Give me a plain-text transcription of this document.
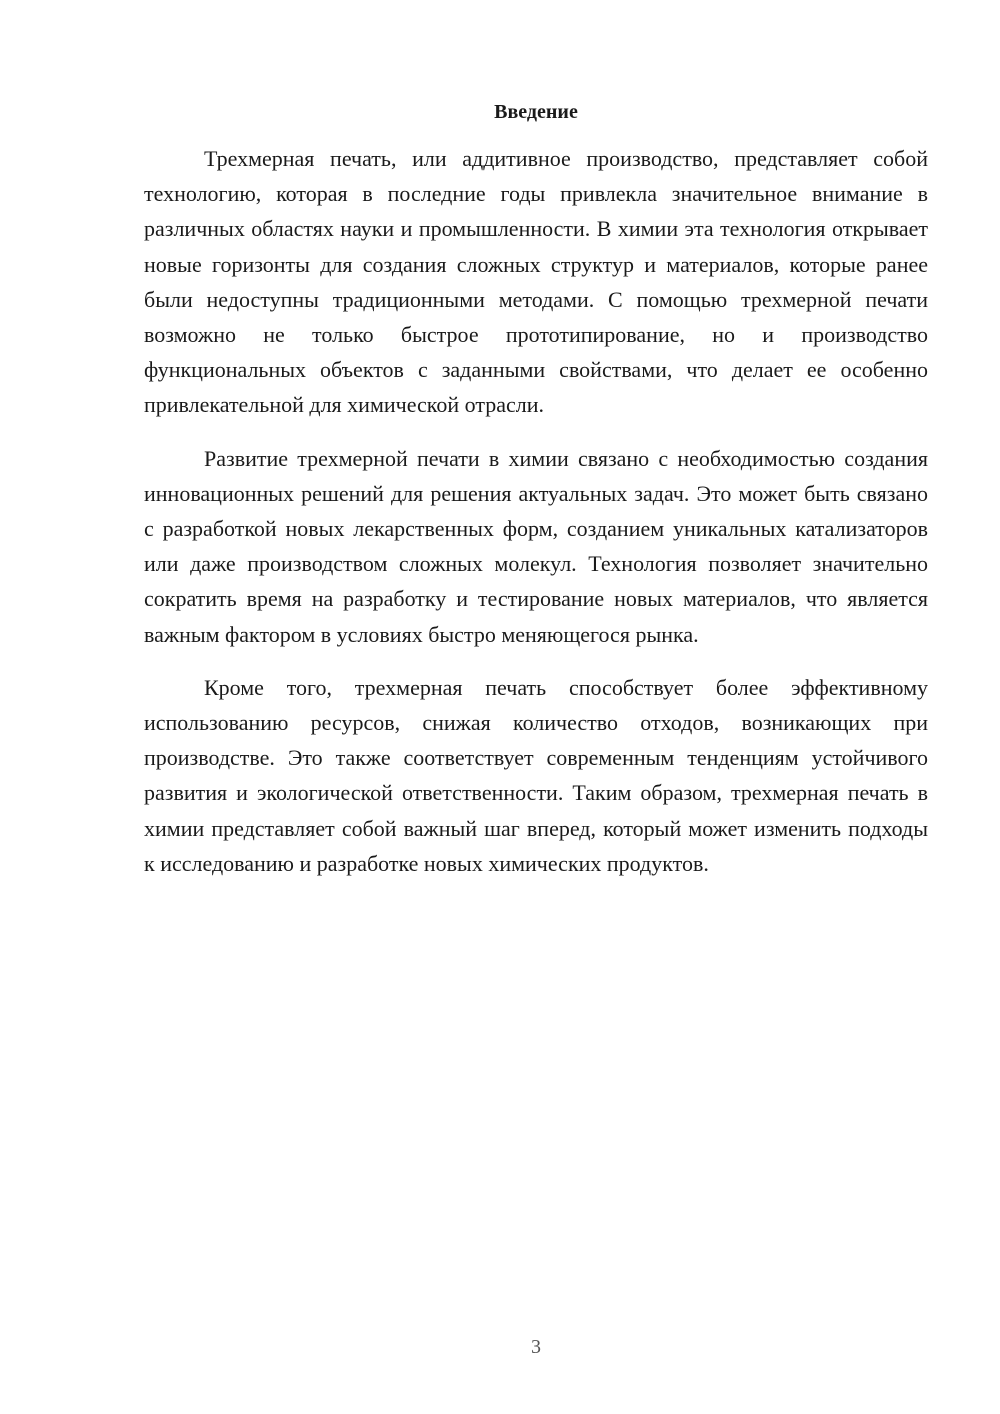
Введение

Трехмерная печать, или аддитивное производство, представляет собой технологию, которая в последние годы привлекла значительное внимание в различных областях науки и промышленности. В химии эта технология открывает новые горизонты для создания сложных структур и материалов, которые ранее были недоступны традиционными методами. С помощью трехмерной печати возможно не только быстрое прототипирование, но и производство функциональных объектов с заданными свойствами, что делает ее особенно привлекательной для химической отрасли.

Развитие трехмерной печати в химии связано с необходимостью создания инновационных решений для решения актуальных задач. Это может быть связано с разработкой новых лекарственных форм, созданием уникальных катализаторов или даже производством сложных молекул. Технология позволяет значительно сократить время на разработку и тестирование новых материалов, что является важным фактором в условиях быстро меняющегося рынка.

Кроме того, трехмерная печать способствует более эффективному использованию ресурсов, снижая количество отходов, возникающих при производстве. Это также соответствует современным тенденциям устойчивого развития и экологической ответственности. Таким образом, трехмерная печать в химии представляет собой важный шаг вперед, который может изменить подходы к исследованию и разработке новых химических продуктов.

3
